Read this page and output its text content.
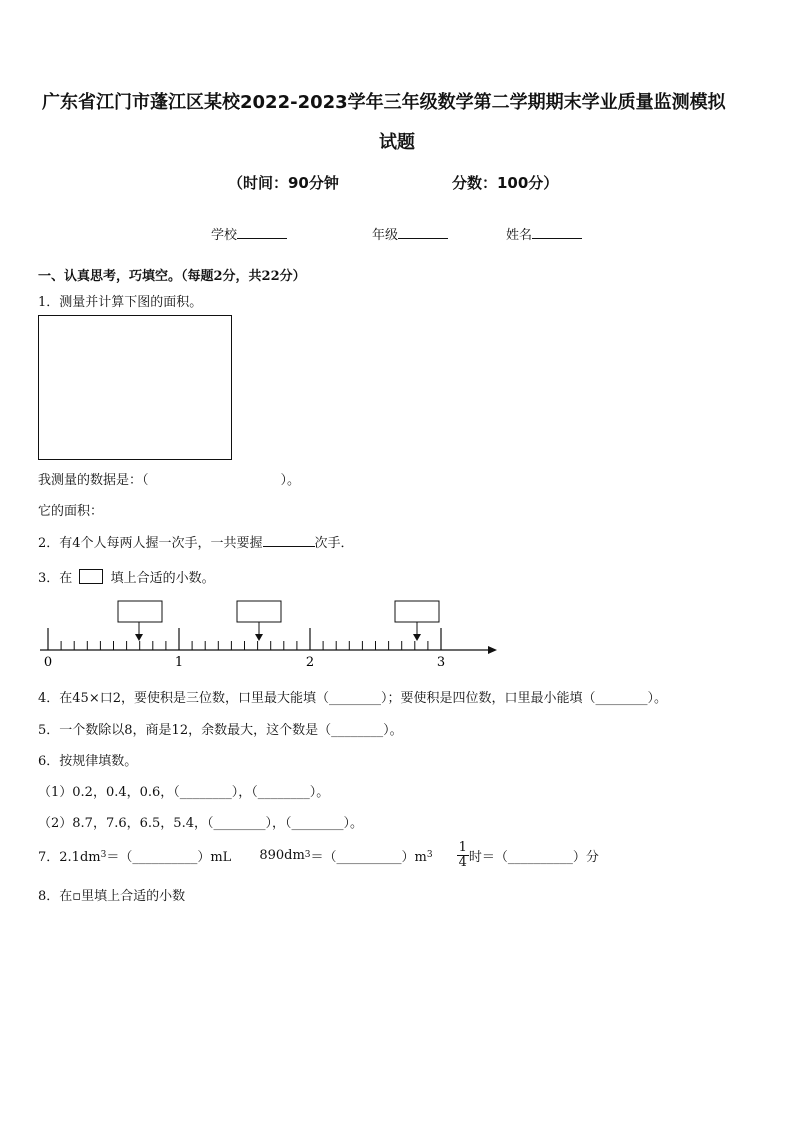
广东省江门市蓬江区某校2022-2023学年三年级数学第二学期期末学业质量监测模拟
试题
（时间：90分钟	分数：100分）
学校	年级	姓名
一、认真思考，巧填空。（每题2分，共22分）
1．测量并计算下图的面积。
我测量的数据是：（	）。
它的面积：
2．有4个人每两人握一次手，一共要握	次手．
3．在	填上合适的小数。
0	1	2	3
4．在45×口2，要使积是三位数，口里最大能填（________）；要使积是四位数，口里最小能填（________）。
5．一个数除以8，商是12，余数最大，这个数是（________）。
6．按规律填数。
（1）0.2，0.4，0.6，（________），（________）。
（2）8.7，7.6，6.5，5.4，（________），（________）。
7．2.1dm 3 ＝（__________）mL 890dm 3 ＝（__________）m $3 \frac{1}{4}$ 时＝（__________）分
8．在▫里填上合适的小数
